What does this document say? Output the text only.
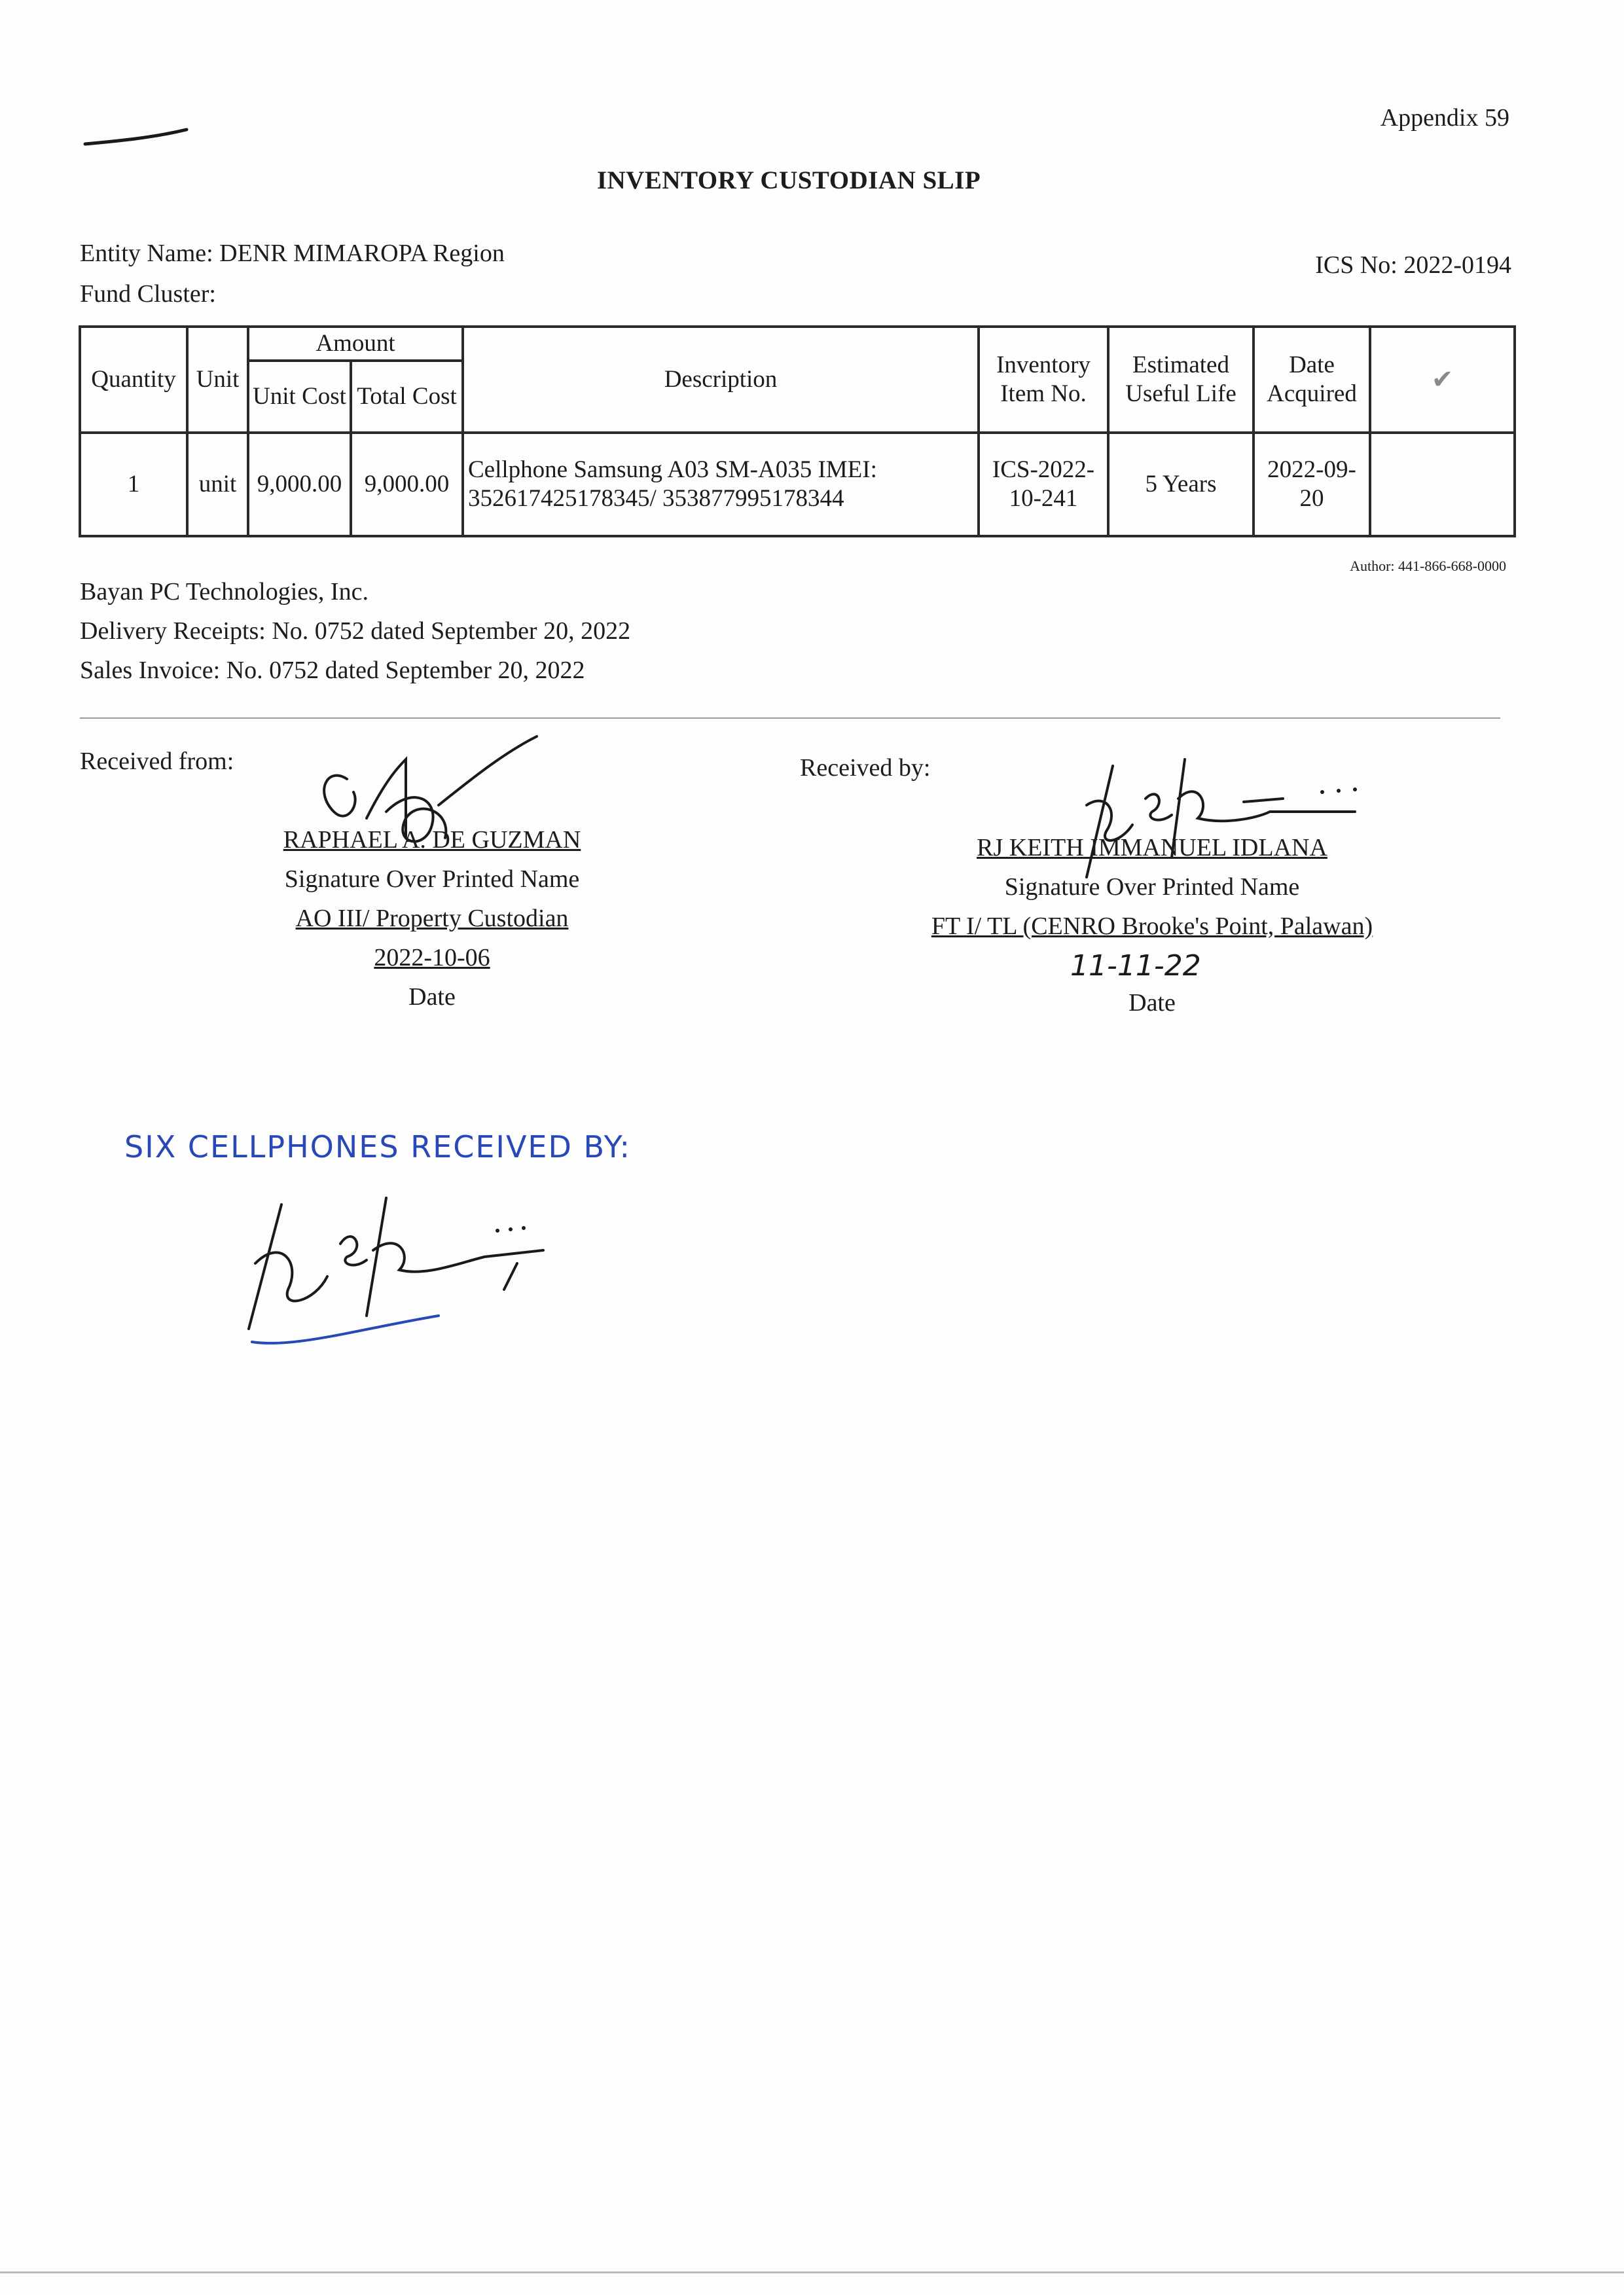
Appendix 59
INVENTORY CUSTODIAN SLIP
Entity Name: DENR MIMAROPA Region	ICS No: 2022-0194
Fund Cluster:
Quantity	Unit	Amount		Description	Inventory Item No.	Estimated Useful Life	Date Acquired	✔
		Unit Cost	Total Cost					
1	unit	9,000.00	9,000.00	Cellphone Samsung A03 SM-A035 IMEI: 352617425178345/ 353877995178344	ICS-2022-10-241	5 Years	2022-09-20	
Author: 441-866-668-0000
Bayan PC Technologies, Inc.
Delivery Receipts: No. 0752 dated September 20, 2022
Sales Invoice: No. 0752 dated September 20, 2022
Received from:
RAPHAEL A. DE GUZMAN
Signature Over Printed Name
AO III/ Property Custodian
2022-10-06
Date
Received by:
RJ KEITH IMMANUEL IDLANA
Signature Over Printed Name
FT I/ TL (CENRO Brooke's Point, Palawan)
11-11-22
Date
SIX CELLPHONES RECEIVED BY:
